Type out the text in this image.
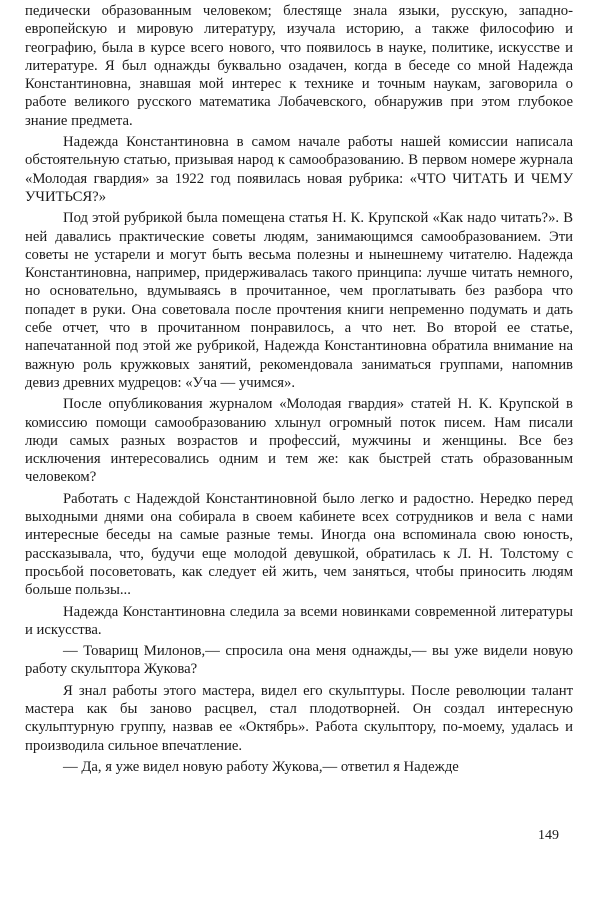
педически образованным человеком; блестяще знала языки, русскую, западно-европейскую и мировую литературу, изучала историю, а также философию и географию, была в курсе всего нового, что появилось в науке, политике, искусстве и литературе. Я был однажды буквально озадачен, когда в беседе со мной Надежда Константиновна, знавшая мой интерес к технике и точным наукам, заговорила о работе великого русского математика Лобачевского, обнаружив при этом глубокое знание предмета.

Надежда Константиновна в самом начале работы нашей комиссии написала обстоятельную статью, призывая народ к самообразованию. В первом номере журнала «Молодая гвардия» за 1922 год появилась новая рубрика: «ЧТО ЧИТАТЬ И ЧЕМУ УЧИТЬСЯ?»

Под этой рубрикой была помещена статья Н. К. Крупской «Как надо читать?». В ней давались практические советы людям, занимающимся самообразованием. Эти советы не устарели и могут быть весьма полезны и нынешнему читателю. Надежда Константиновна, например, придерживалась такого принципа: лучше читать немного, но основательно, вдумываясь в прочитанное, чем проглатывать без разбора что попадет в руки. Она советовала после прочтения книги непременно подумать и дать себе отчет, что в прочитанном понравилось, а что нет. Во второй ее статье, напечатанной под этой же рубрикой, Надежда Константиновна обратила внимание на важную роль кружковых занятий, рекомендовала заниматься группами, напомнив девиз древних мудрецов: «Уча — учимся».

После опубликования журналом «Молодая гвардия» статей Н. К. Крупской в комиссию помощи самообразованию хлынул огромный поток писем. Нам писали люди самых разных возрастов и профессий, мужчины и женщины. Все без исключения интересовались одним и тем же: как быстрей стать образованным человеком?

Работать с Надеждой Константиновной было легко и радостно. Нередко перед выходными днями она собирала в своем кабинете всех сотрудников и вела с нами интересные беседы на самые разные темы. Иногда она вспоминала свою юность, рассказывала, что, будучи еще молодой девушкой, обратилась к Л. Н. Толстому с просьбой посоветовать, как следует ей жить, чем заняться, чтобы приносить людям больше пользы...

Надежда Константиновна следила за всеми новинками современной литературы и искусства.

— Товарищ Милонов,— спросила она меня однажды,— вы уже видели новую работу скульптора Жукова?

Я знал работы этого мастера, видел его скульптуры. После революции талант мастера как бы заново расцвел, стал плодотворней. Он создал интересную скульптурную группу, назвав ее «Октябрь». Работа скульптору, по-моему, удалась и производила сильное впечатление.

— Да, я уже видел новую работу Жукова,— ответил я Надежде

149
